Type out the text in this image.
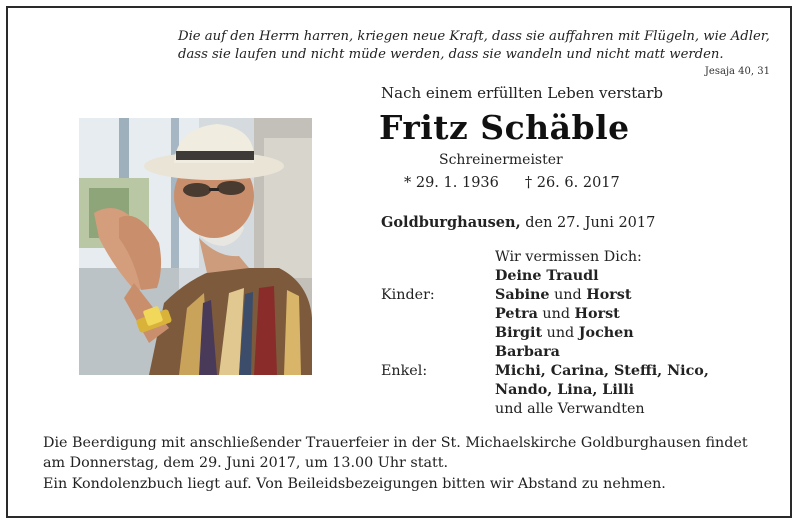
Die auf den Herrn harren, kriegen neue Kraft, dass sie auffahren mit Flügeln, wie Adler,
dass sie laufen und nicht müde werden, dass sie wandeln und nicht matt werden.
Jesaja 40, 31
Nach einem erfüllten Leben verstarb
Fritz Schäble
Schreinermeister
* 29. 1. 1936 † 26. 6. 2017
Goldburghausen, den 27. Juni 2017
Wir vermissen Dich:
Deine Traudl
Kinder:	Sabine und Horst
Petra und Horst
Birgit und Jochen
Barbara
Enkel:	Michi, Carina, Steffi, Nico,
Nando, Lina, Lilli
und alle Verwandten
Die Beerdigung mit anschließender Trauerfeier in der St. Michaelskirche Goldburghausen findet
am Donnerstag, dem 29. Juni 2017, um 13.00 Uhr statt.
Ein Kondolenzbuch liegt auf. Von Beileidsbezeigungen bitten wir Abstand zu nehmen.
